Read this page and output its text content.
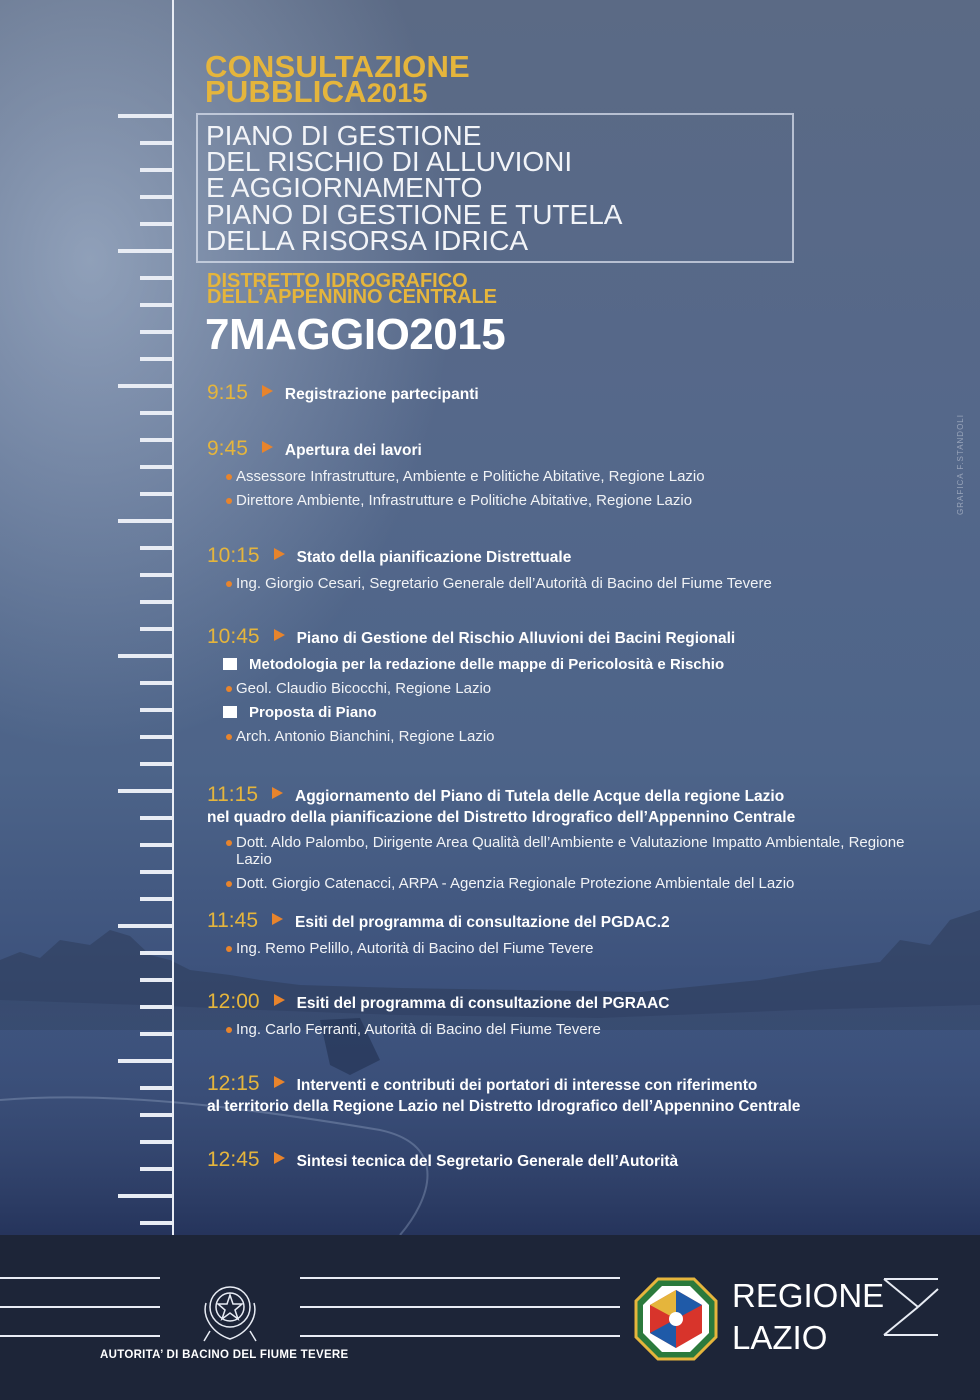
CONSULTAZIONE
PUBBLICA2015
PIANO DI GESTIONE
DEL RISCHIO DI ALLUVIONI
E AGGIORNAMENTO
PIANO DI GESTIONE E TUTELA
DELLA RISORSA IDRICA
DISTRETTO IDROGRAFICO
DELL’APPENNINO CENTRALE
7MAGGIO2015
9:15 Registrazione partecipanti
9:45 Apertura dei lavori
Assessore Infrastrutture, Ambiente e Politiche Abitative, Regione Lazio
Direttore Ambiente, Infrastrutture e Politiche Abitative, Regione Lazio
10:15 Stato della pianificazione Distrettuale
Ing. Giorgio Cesari, Segretario Generale dell’Autorità di Bacino del Fiume Tevere
10:45 Piano di Gestione del Rischio Alluvioni dei Bacini Regionali
Metodologia per la redazione delle mappe di Pericolosità e Rischio
Geol. Claudio Bicocchi, Regione Lazio
Proposta di Piano
Arch. Antonio Bianchini, Regione Lazio
11:15 Aggiornamento del Piano di Tutela delle Acque della regione Lazio
nel quadro della pianificazione del Distretto Idrografico dell’Appennino Centrale
Dott. Aldo Palombo, Dirigente Area Qualità dell’Ambiente e Valutazione Impatto Ambientale, Regione Lazio
Dott. Giorgio Catenacci, ARPA - Agenzia Regionale Protezione Ambientale del Lazio
11:45 Esiti del programma di consultazione del PGDAC.2
Ing. Remo Pelillo, Autorità di Bacino del Fiume Tevere
12:00 Esiti del programma di consultazione del PGRAAC
Ing. Carlo Ferranti, Autorità di Bacino del Fiume Tevere
12:15 Interventi e contributi dei portatori di interesse con riferimento
al territorio della Regione Lazio nel Distretto Idrografico dell’Appennino Centrale
12:45 Sintesi tecnica del Segretario Generale dell’Autorità
GRAFICA F.STANDOLI
REGIONE
LAZIO
AUTORITA’ DI BACINO DEL FIUME TEVERE
